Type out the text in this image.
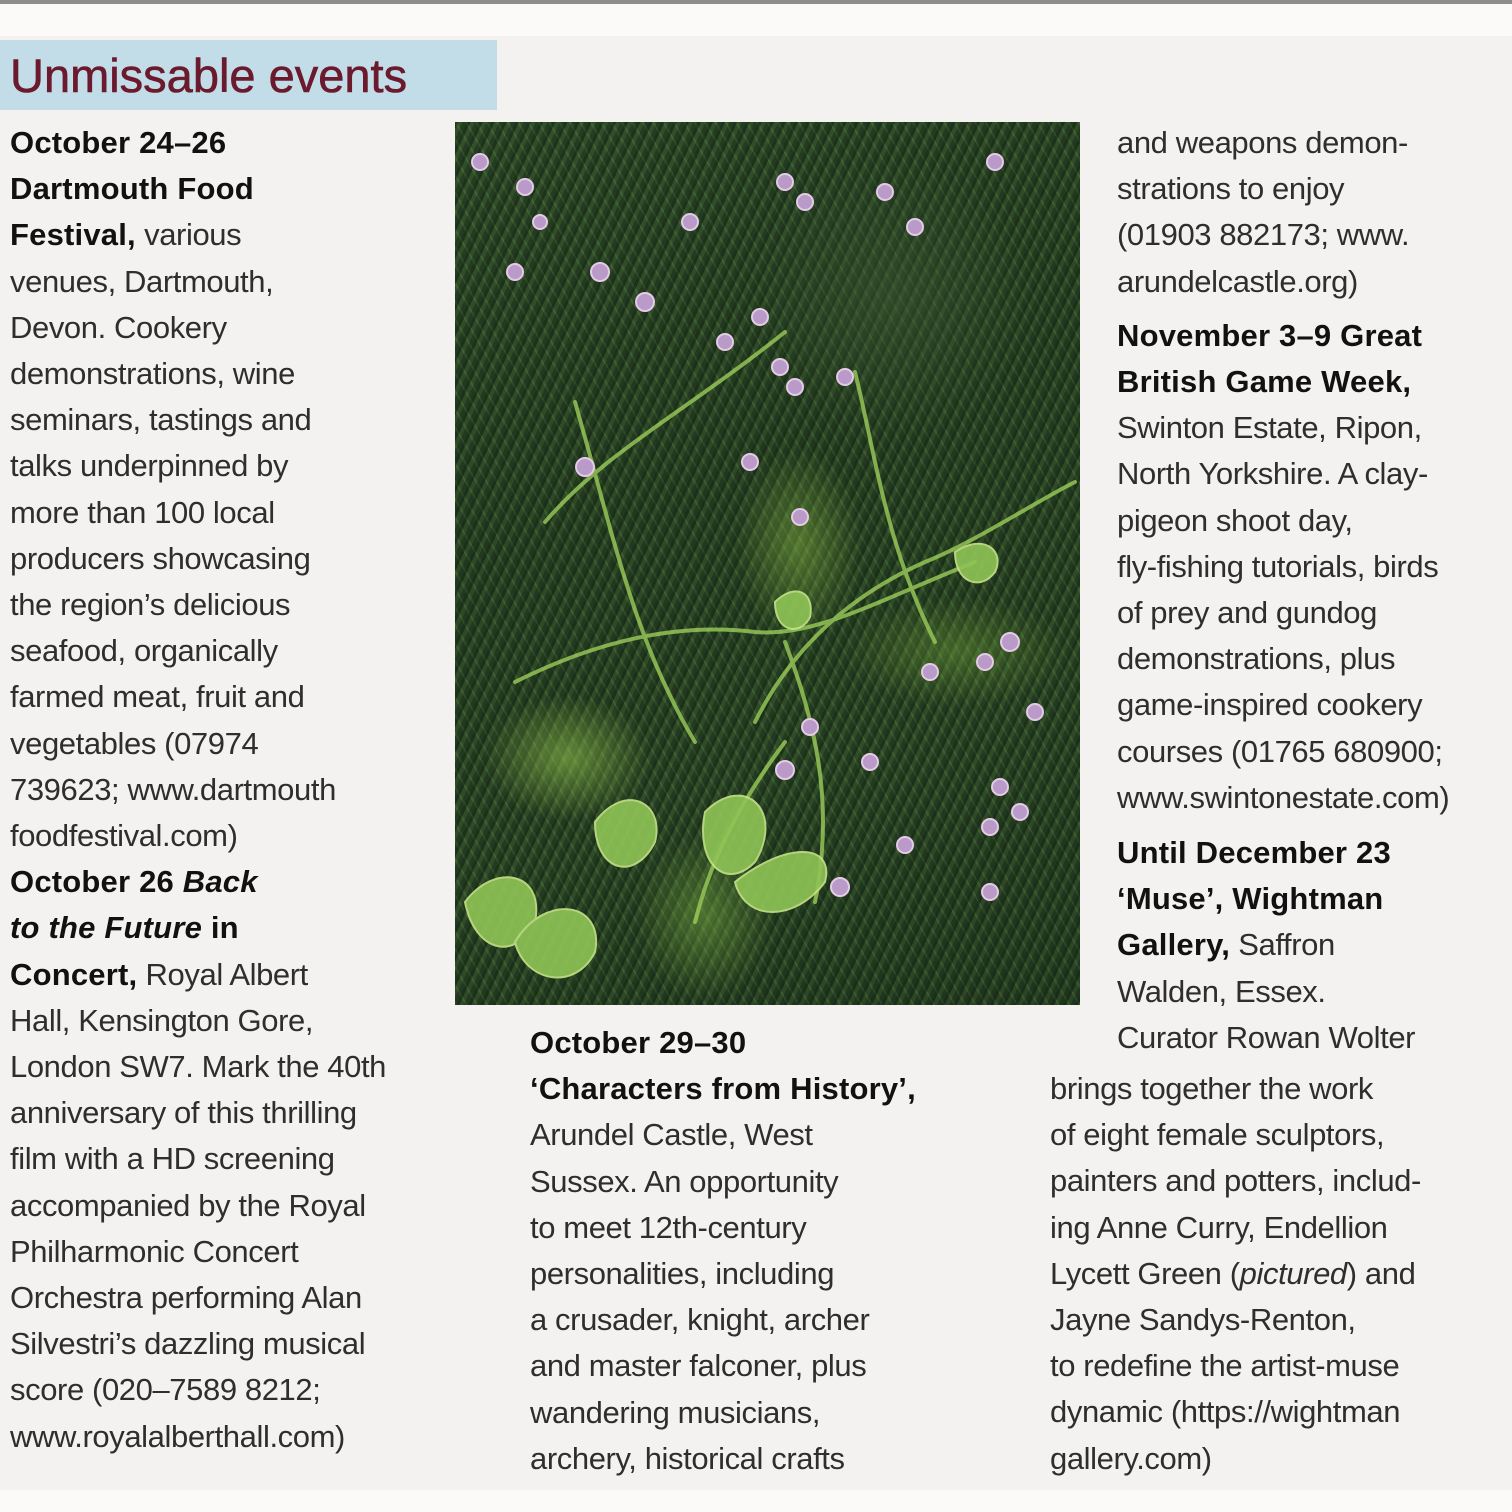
Unmissable events
October 24–26
Dartmouth Food
Festival, various
venues, Dartmouth,
Devon. Cookery
demonstrations, wine
seminars, tastings and
talks underpinned by
more than 100 local
producers showcasing
the region’s delicious
seafood, organically
farmed meat, fruit and
vegetables (07974
739623; www.dartmouth
foodfestival.com)
October 26 Back
to the Future in
Concert, Royal Albert
Hall, Kensington Gore,
London SW7. Mark the 40th
anniversary of this thrilling
film with a HD screening
accompanied by the Royal
Philharmonic Concert
Orchestra performing Alan
Silvestri’s dazzling musical
score (020–7589 8212;
www.royalalberthall.com)
October 29–30
‘Characters from History’,
Arundel Castle, West
Sussex. An opportunity
to meet 12th-century
personalities, including
a crusader, knight, archer
and master falconer, plus
wandering musicians,
archery, historical crafts
and weapons demon-
strations to enjoy
(01903 882173; www.
arundelcastle.org)
November 3–9 Great
British Game Week,
Swinton Estate, Ripon,
North Yorkshire. A clay-
pigeon shoot day,
fly-fishing tutorials, birds
of prey and gundog
demonstrations, plus
game-inspired cookery
courses (01765 680900;
www.swintonestate.com)
Until December 23
‘Muse’, Wightman
Gallery, Saffron
Walden, Essex.
Curator Rowan Wolter
brings together the work
of eight female sculptors,
painters and potters, includ-
ing Anne Curry, Endellion
Lycett Green (pictured) and
Jayne Sandys-Renton,
to redefine the artist-muse
dynamic (https://wightman
gallery.com)
